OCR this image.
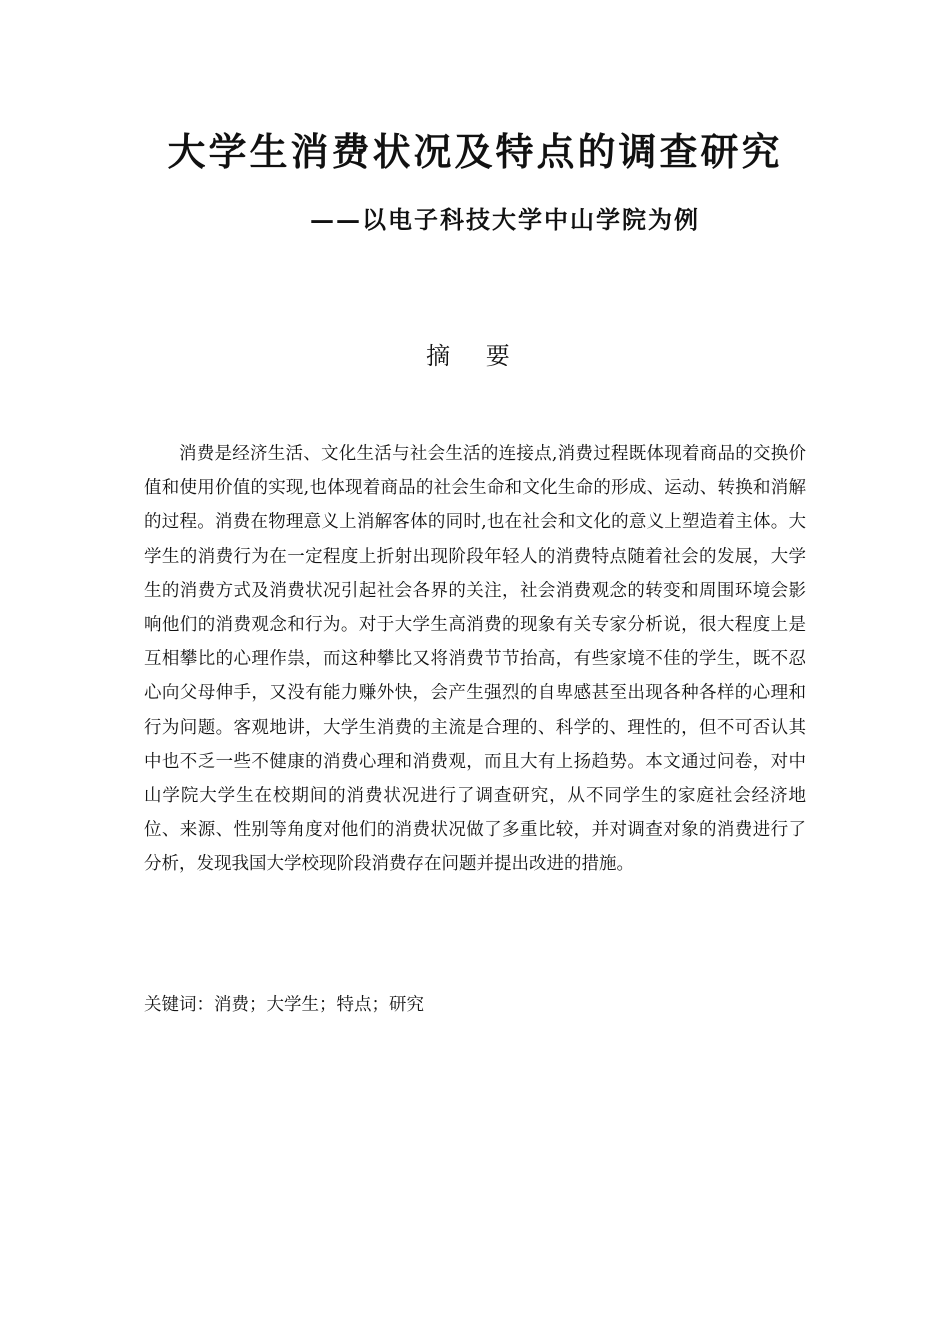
大学生消费状况及特点的调查研究
——以电子科技大学中山学院为例
摘 要

消费是经济生活、文化生活与社会生活的连接点,消费过程既体现着商品的交换价值和使用价值的实现,也体现着商品的社会生命和文化生命的形成、运动、转换和消解的过程。消费在物理意义上消解客体的同时,也在社会和文化的意义上塑造着主体。大学生的消费行为在一定程度上折射出现阶段年轻人的消费特点随着社会的发展，大学生的消费方式及消费状况引起社会各界的关注，社会消费观念的转变和周围环境会影响他们的消费观念和行为。对于大学生高消费的现象有关专家分析说，很大程度上是互相攀比的心理作祟，而这种攀比又将消费节节抬高，有些家境不佳的学生，既不忍心向父母伸手，又没有能力赚外快，会产生强烈的自卑感甚至出现各种各样的心理和行为问题。客观地讲，大学生消费的主流是合理的、科学的、理性的，但不可否认其中也不乏一些不健康的消费心理和消费观，而且大有上扬趋势。本文通过问卷，对中山学院大学生在校期间的消费状况进行了调查研究，从不同学生的家庭社会经济地位、来源、性别等角度对他们的消费状况做了多重比较，并对调查对象的消费进行了分析，发现我国大学校现阶段消费存在问题并提出改进的措施。

关键词：消费；大学生；特点；研究
